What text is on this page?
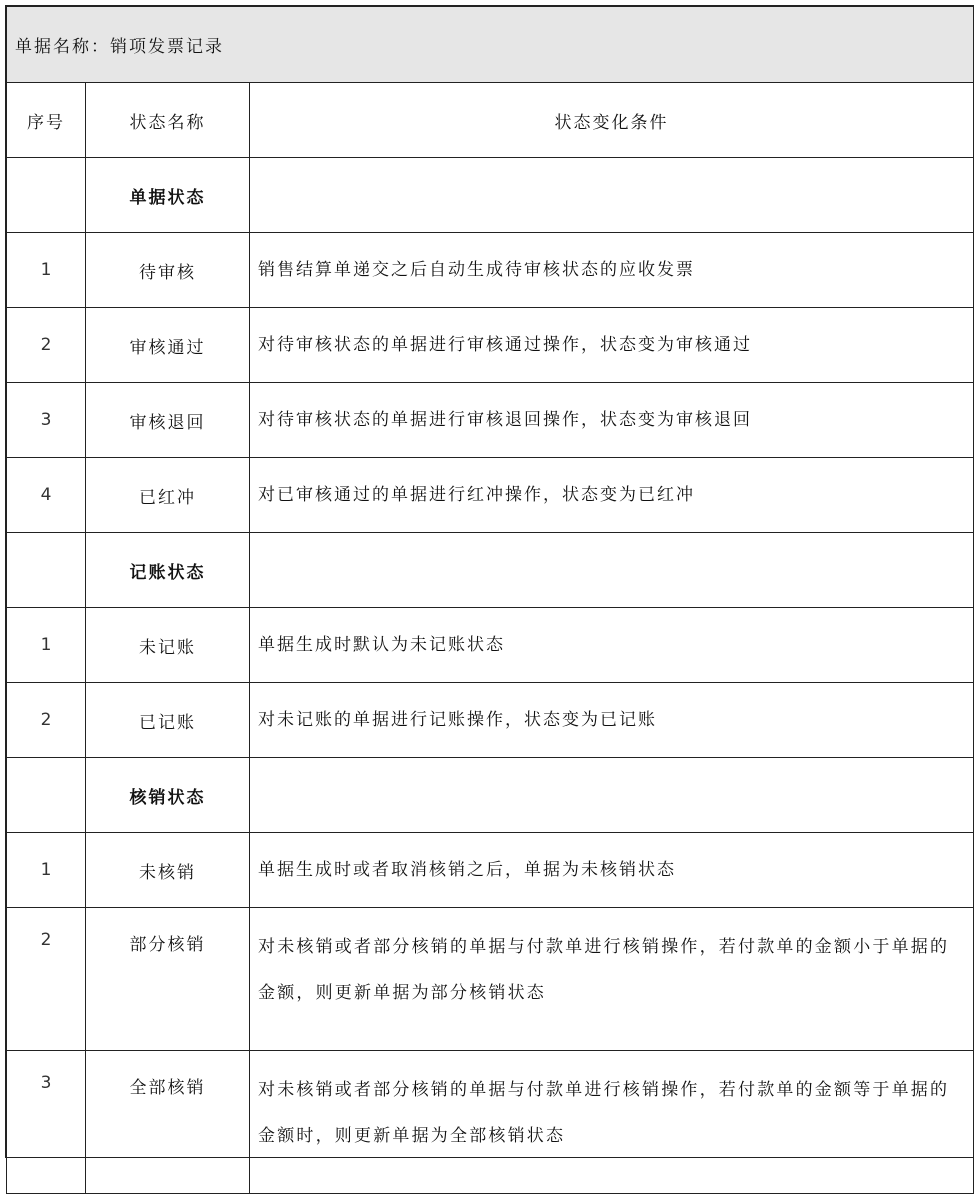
单据名称：销项发票记录		
序号	状态名称	状态变化条件
	单据状态	
1	待审核	销售结算单递交之后自动生成待审核状态的应收发票
2	审核通过	对待审核状态的单据进行审核通过操作，状态变为审核通过
3	审核退回	对待审核状态的单据进行审核退回操作，状态变为审核退回
4	已红冲	对已审核通过的单据进行红冲操作，状态变为已红冲
	记账状态	
1	未记账	单据生成时默认为未记账状态
2	已记账	对未记账的单据进行记账操作，状态变为已记账
	核销状态	
1	未核销	单据生成时或者取消核销之后，单据为未核销状态
2	部分核销	对未核销或者部分核销的单据与付款单进行核销操作，若付款单的金额小于单据的金额，则更新单据为部分核销状态
3	全部核销	对未核销或者部分核销的单据与付款单进行核销操作，若付款单的金额等于单据的金额时，则更新单据为全部核销状态
